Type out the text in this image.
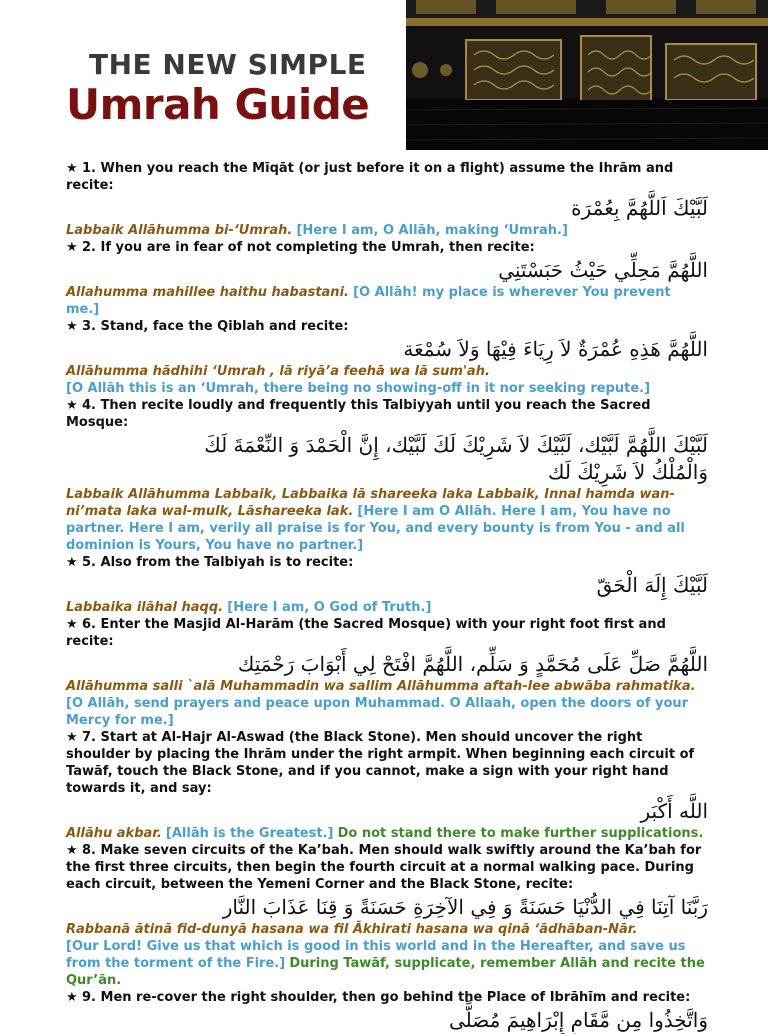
THE NEW SIMPLE
Umrah Guide

★ 1. When you reach the Mīqāt (or just before it on a flight) assume the Ihrām and recite:

لَبَّيْكَ اَللَّهُمَّ بِعُمْرَة

Labbaik Allāhumma bi-‘Umrah. [Here I am, O Allāh, making ‘Umrah.]

★ 2. If you are in fear of not completing the Umrah, then recite:

اللَّهُمَّ مَحِلِّي حَيْثُ حَبَسْتَنِي

Allahumma mahillee haithu habastani. [O Allāh! my place is wherever You prevent me.]

★ 3. Stand, face the Qiblah and recite:

اللَّهُمَّ هَذِهِ عُمْرَةٌ لاَ رِيَاءَ فِيْهَا وَلاَ سُمْعَة

Allāhumma hādhihi ‘Umrah , lā riyā’a feehā wa lā sum'ah.

[O Allāh this is an ‘Umrah, there being no showing-off in it nor seeking repute.]

★ 4. Then recite loudly and frequently this Talbiyyah until you reach the Sacred Mosque:

لَبَّيْكَ اللَّهُمَّ لَبَّيْك، لَبَّيْكَ لاَ شَرِيْكَ لَكَ لَبَّيْك، إِنَّ الْحَمْدَ وَ النِّعْمَةَ لَكَ

وَالْمُلْكُ لاَ شَرِيْكَ لَك

Labbaik Allāhumma Labbaik, Labbaika lā shareeka laka Labbaik, Innal hamda wan-ni’mata laka wal-mulk, Lāshareeka lak. [Here I am O Allāh. Here I am, You have no partner. Here I am, verily all praise is for You, and every bounty is from You - and all dominion is Yours, You have no partner.]

★ 5. Also from the Talbiyah is to recite:

لَبَّيْكَ إِلَهَ الْحَقّ

Labbaika ilāhal haqq. [Here I am, O God of Truth.]

★ 6. Enter the Masjid Al-Harām (the Sacred Mosque) with your right foot first and recite:

اللَّهُمَّ صَلِّ عَلَى مُحَمَّدٍ وَ سَلِّم، اللَّهُمَّ افْتَحْ لِي أَبْوَابَ رَحْمَتِك

Allāhumma salli `alā Muhammadin wa sallim Allāhumma aftah-lee abwāba rahmatika. [O Allāh, send prayers and peace upon Muhammad. O Allaah, open the doors of your Mercy for me.]

★ 7. Start at Al-Hajr Al-Aswad (the Black Stone). Men should uncover the right shoulder by placing the Ihrām under the right armpit. When beginning each circuit of Tawāf, touch the Black Stone, and if you cannot, make a sign with your right hand towards it, and say:

اللَّه أَكْبَر

Allāhu akbar. [Allāh is the Greatest.] Do not stand there to make further supplications.

★ 8. Make seven circuits of the Ka’bah. Men should walk swiftly around the Ka’bah for the first three circuits, then begin the fourth circuit at a normal walking pace. During each circuit, between the Yemeni Corner and the Black Stone, recite:

رَبَّنَا آتِنَا فِي الدُّنْيَا حَسَنَةً وَ فِي الآخِرَةِ حَسَنَةً وَ قِنَا عَذَابَ النَّار

Rabbanā ātinā fid-dunyā hasana wa fil Ākhirati hasana wa qinā ‘ādhāban-Nār.

[Our Lord! Give us that which is good in this world and in the Hereafter, and save us from the torment of the Fire.] During Tawāf, supplicate, remember Allāh and recite the Qur’ān.

★ 9. Men re-cover the right shoulder, then go behind the Place of Ibrāhīm and recite:

وَاتَّخِذُوا مِن مَّقَامِ إِبْرَاهِيمَ مُصَلًّى
